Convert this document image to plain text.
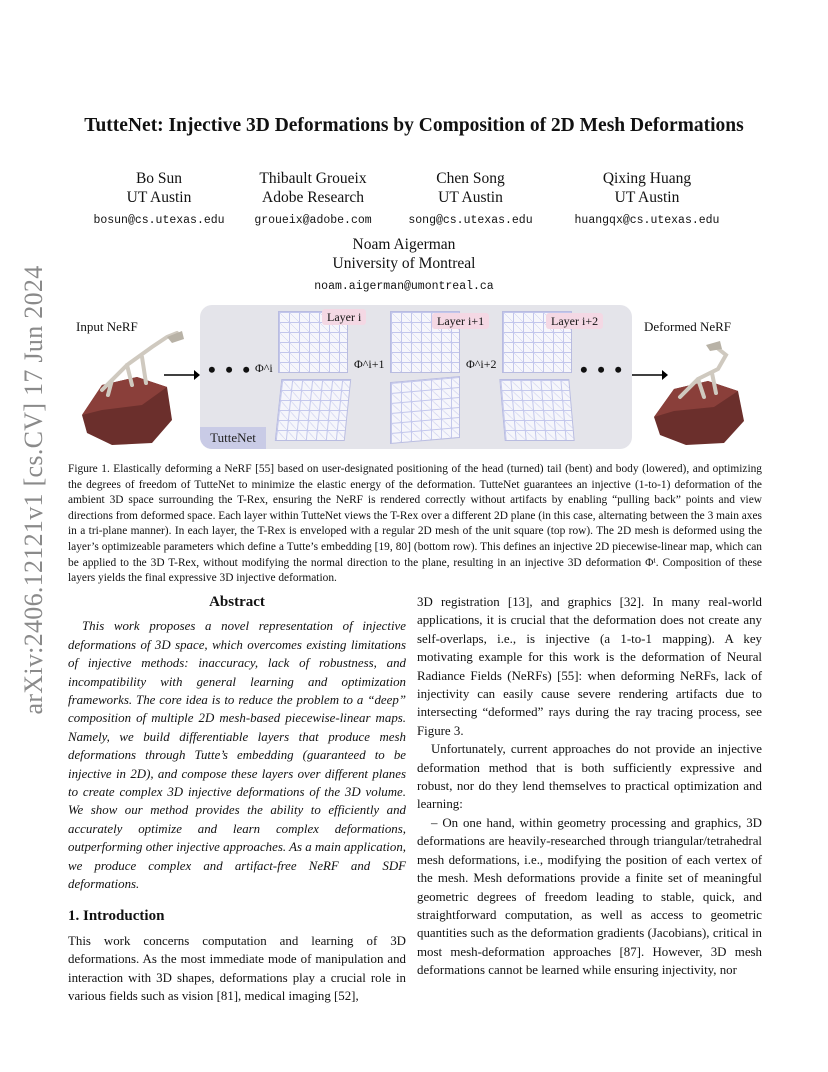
arXiv:2406.12121v1 [cs.CV] 17 Jun 2024
TutteNet: Injective 3D Deformations by Composition of 2D Mesh Deformations
Bo Sun
UT Austin
bosun@cs.utexas.edu
Thibault Groueix
Adobe Research
groueix@adobe.com
Chen Song
UT Austin
song@cs.utexas.edu
Qixing Huang
UT Austin
huangqx@cs.utexas.edu
Noam Aigerman
University of Montreal
noam.aigerman@umontreal.ca
Input NeRF
• • •
Layer i
Φ^i
Layer i+1
Φ^i+1
Layer i+2
Φ^i+2	• • •
TutteNet
Deformed NeRF
Figure 1. Elastically deforming a NeRF [55] based on user-designated positioning of the head (turned) tail (bent) and body (lowered), and optimizing the degrees of freedom of TutteNet to minimize the elastic energy of the deformation. TutteNet guarantees an injective (1-to-1) deformation of the ambient 3D space surrounding the T-Rex, ensuring the NeRF is rendered correctly without artifacts by enabling “pulling back” points and view directions from deformed space. Each layer within TutteNet views the T-Rex over a different 2D plane (in this case, alternating between the 3 main axes in a tri-plane manner). In each layer, the T-Rex is enveloped with a regular 2D mesh of the unit square (top row). The 2D mesh is deformed using the layer’s optimizeable parameters which define a Tutte’s embedding [19, 80] (bottom row). This defines an injective 2D piecewise-linear map, which can be applied to the 3D T-Rex, without modifying the normal direction to the plane, resulting in an injective 3D deformation Φⁱ. Composition of these layers yields the final expressive 3D injective deformation.
Abstract

This work proposes a novel representation of injective deformations of 3D space, which overcomes existing limitations of injective methods: inaccuracy, lack of robustness, and incompatibility with general learning and optimization frameworks. The core idea is to reduce the problem to a “deep” composition of multiple 2D mesh-based piecewise-linear maps. Namely, we build differentiable layers that produce mesh deformations through Tutte’s embedding (guaranteed to be injective in 2D), and compose these layers over different planes to create complex 3D injective deformations of the 3D volume. We show our method provides the ability to efficiently and accurately optimize and learn complex deformations, outperforming other injective approaches. As a main application, we produce complex and artifact-free NeRF and SDF deformations.

1. Introduction

This work concerns computation and learning of 3D deformations. As the most immediate mode of manipulation and interaction with 3D shapes, deformations play a crucial role in various fields such as vision [81], medical imaging [52],

3D registration [13], and graphics [32]. In many real-world applications, it is crucial that the deformation does not create any self-overlaps, i.e., is injective (a 1-to-1 mapping). A key motivating example for this work is the deformation of Neural Radiance Fields (NeRFs) [55]: when deforming NeRFs, lack of injectivity can easily cause severe rendering artifacts due to intersecting “deformed” rays during the ray tracing process, see Figure 3.

Unfortunately, current approaches do not provide an injective deformation method that is both sufficiently expressive and robust, nor do they lend themselves to practical optimization and learning:

– On one hand, within geometry processing and graphics, 3D deformations are heavily-researched through triangular/tetrahedral mesh deformations, i.e., modifying the position of each vertex of the mesh. Mesh deformations provide a finite set of meaningful geometric degrees of freedom leading to stable, quick, and straightforward computation, as well as access to geometric quantities such as the deformation gradients (Jacobians), critical in most mesh-deformation approaches [87]. However, 3D mesh deformations cannot be learned while ensuring injectivity, nor
